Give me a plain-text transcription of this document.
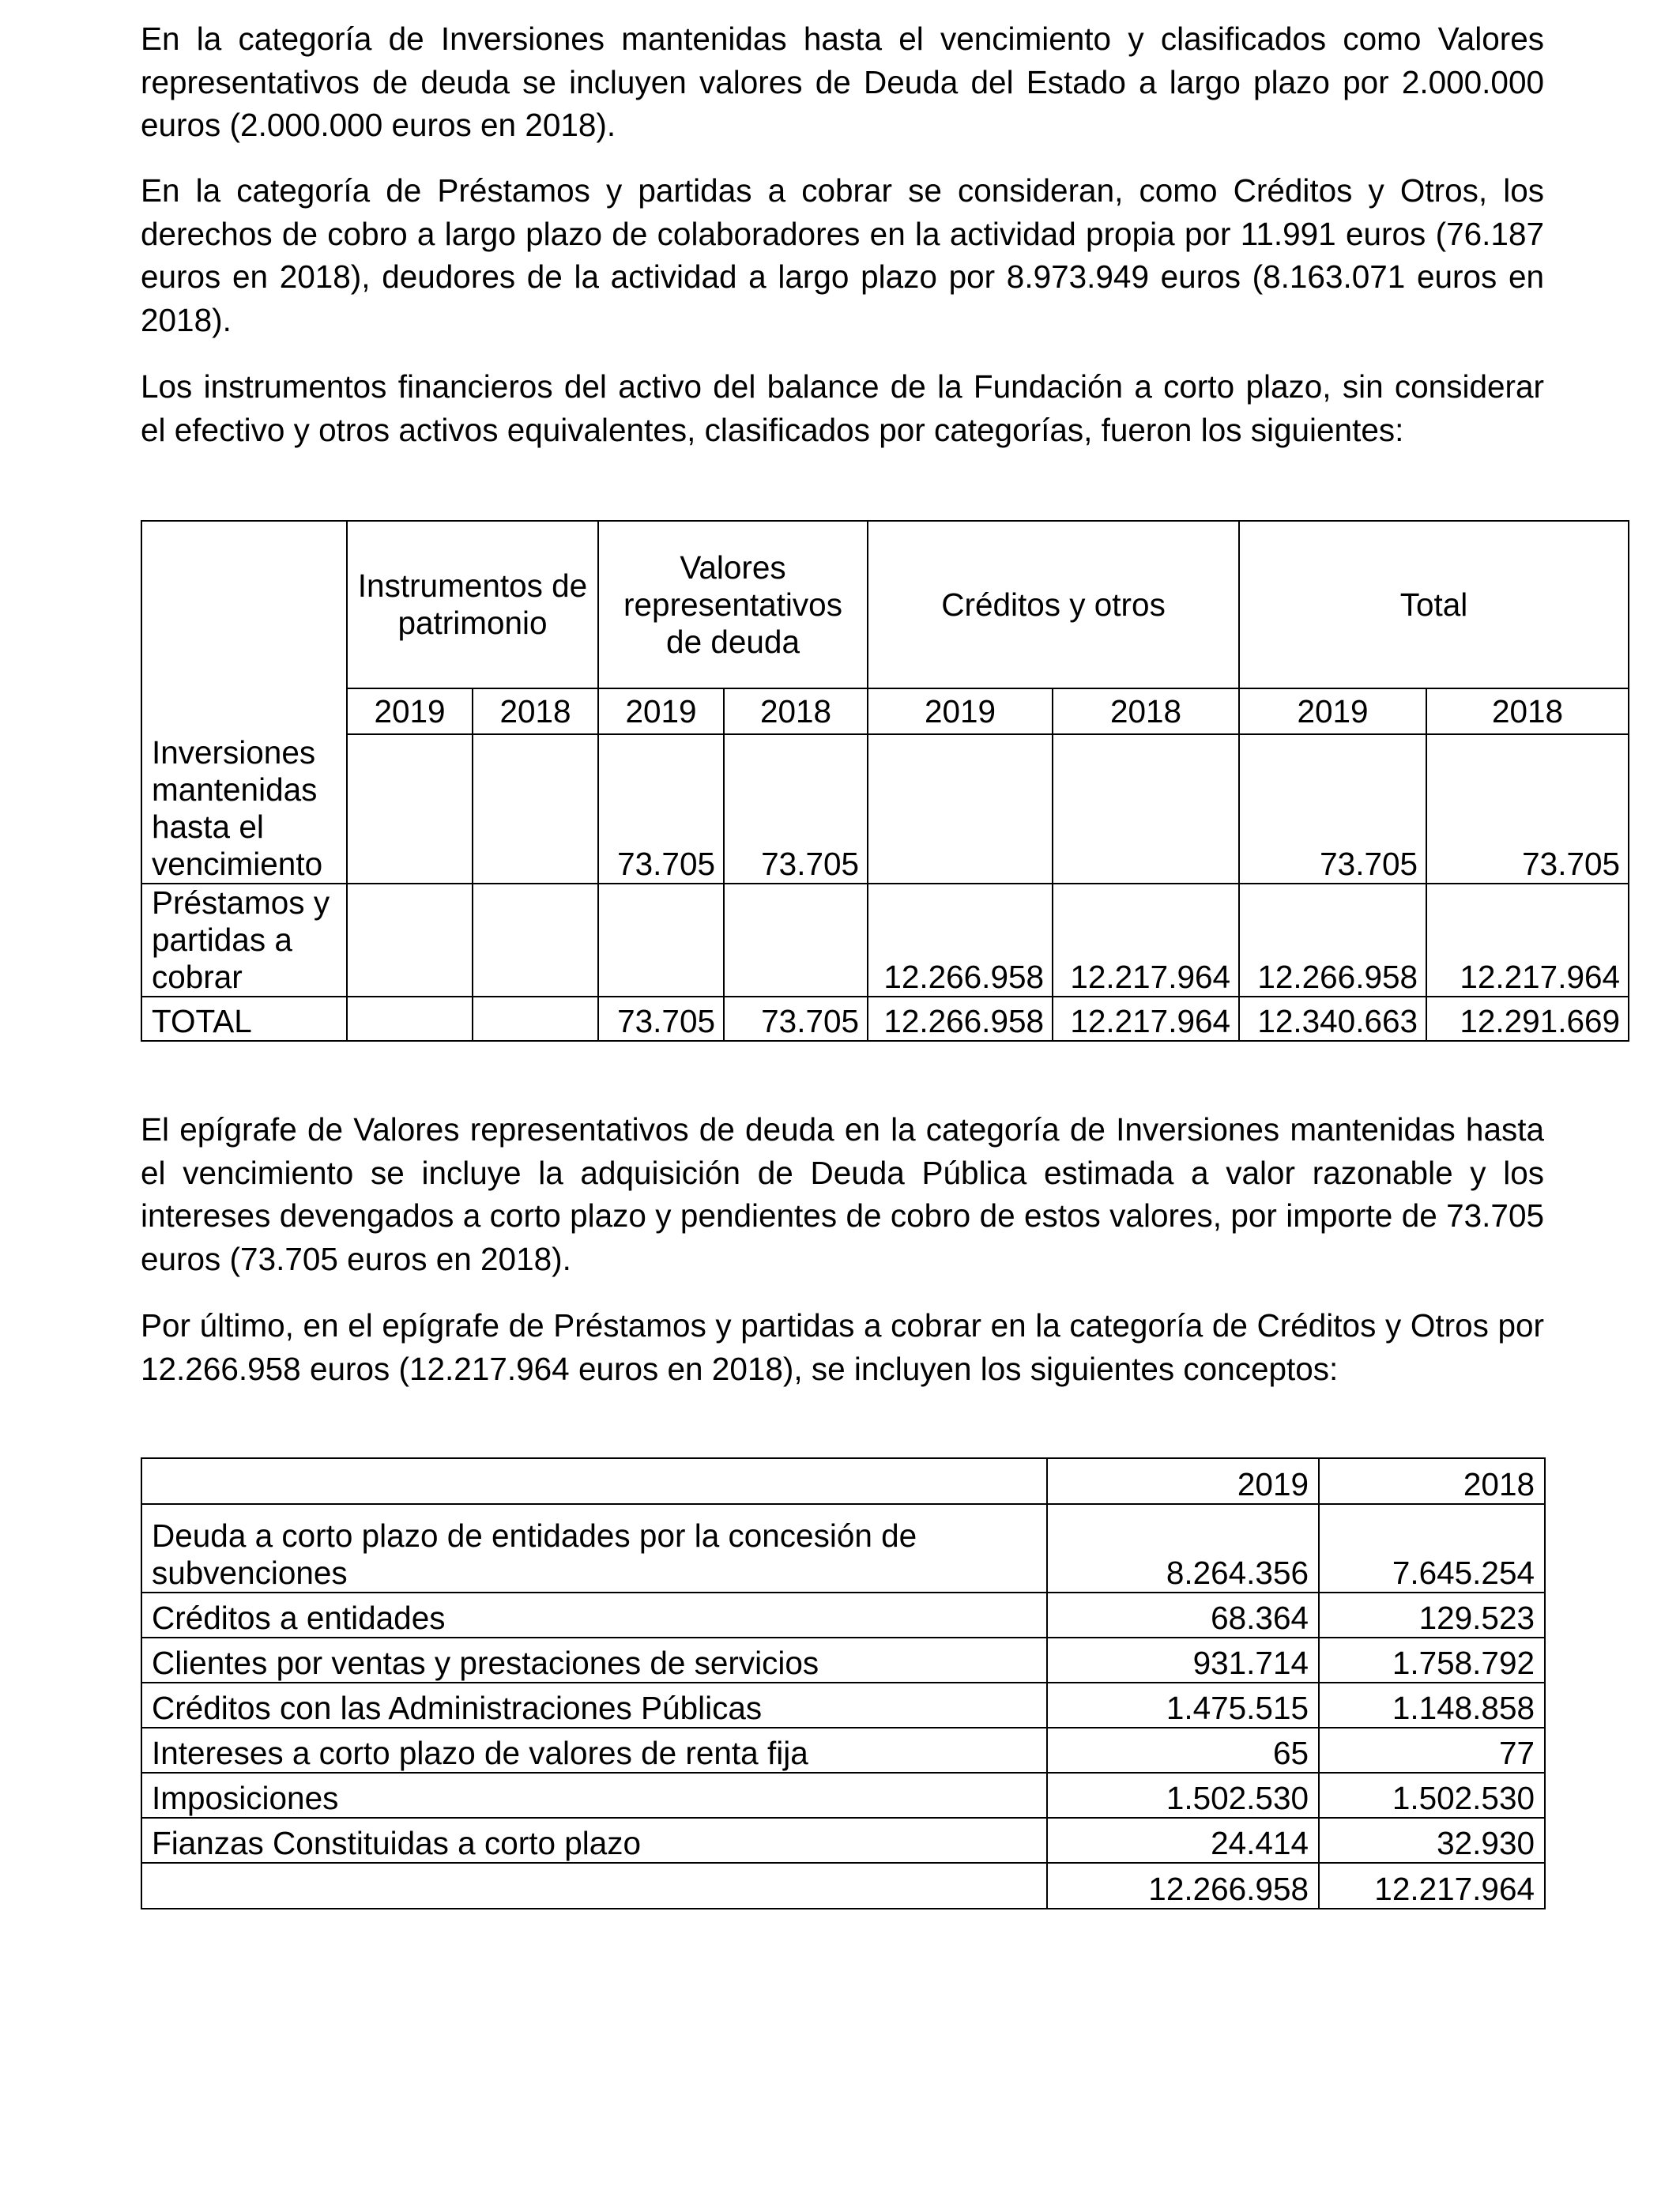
En la categoría de Inversiones mantenidas hasta el vencimiento y clasificados como Valores representativos de deuda se incluyen valores de Deuda del Estado a largo plazo por 2.000.000 euros (2.000.000 euros en 2018).

En la categoría de Préstamos y partidas a cobrar se consideran, como Créditos y Otros, los derechos de cobro a largo plazo de colaboradores en la actividad propia por 11.991 euros (76.187 euros en 2018), deudores de la actividad a largo plazo por 8.973.949 euros (8.163.071 euros en 2018).

Los instrumentos financieros del activo del balance de la Fundación a corto plazo, sin considerar el efectivo y otros activos equivalentes, clasificados por categorías, fueron los siguientes:

	Instrumentos de patrimonio		Valores representativos de deuda		Créditos y otros		Total	
	2019	2018	2019	2018	2019	2018	2019	2018
Inversiones mantenidas hasta el vencimiento			73.705	73.705			73.705	73.705
Préstamos y partidas a cobrar					12.266.958	12.217.964	12.266.958	12.217.964
TOTAL			73.705	73.705	12.266.958	12.217.964	12.340.663	12.291.669

El epígrafe de Valores representativos de deuda en la categoría de Inversiones mantenidas hasta el vencimiento se incluye la adquisición de Deuda Pública estimada a valor razonable y los intereses devengados a corto plazo y pendientes de cobro de estos valores, por importe de 73.705 euros (73.705 euros en 2018).

Por último, en el epígrafe de Préstamos y partidas a cobrar en la categoría de Créditos y Otros por 12.266.958 euros (12.217.964 euros en 2018), se incluyen los siguientes conceptos:

	2019	2018
Deuda a corto plazo de entidades por la concesión de subvenciones	8.264.356	7.645.254
Créditos a entidades	68.364	129.523
Clientes por ventas y prestaciones de servicios	931.714	1.758.792
Créditos con las Administraciones Públicas	1.475.515	1.148.858
Intereses a corto plazo de valores de renta fija	65	77
Imposiciones	1.502.530	1.502.530
Fianzas Constituidas a corto plazo	24.414	32.930
	12.266.958	12.217.964
